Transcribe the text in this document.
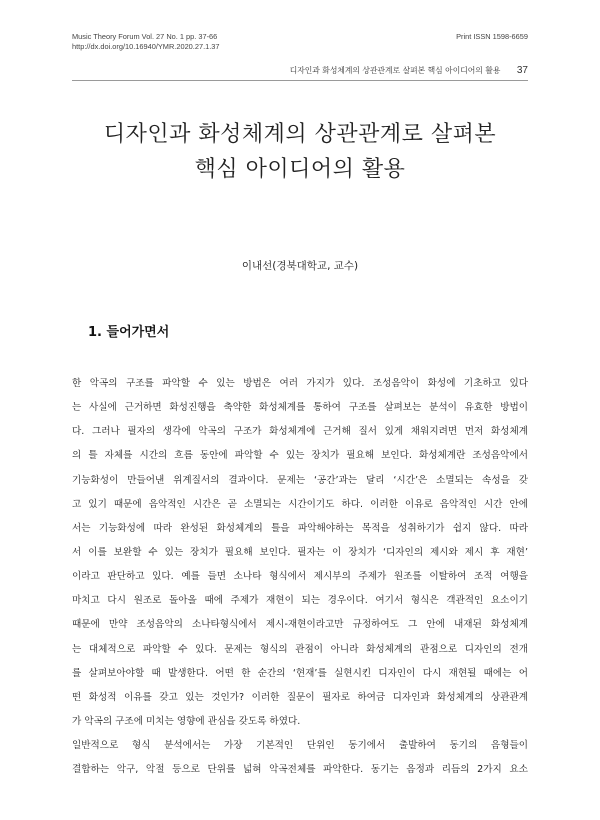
Music Theory Forum Vol. 27 No. 1 pp. 37-66
http://dx.doi.org/10.16940/YMR.2020.27.1.37
Print ISSN 1598-6659
디자인과 화성체계의 상관관계로 살펴본 핵심 아이디어의 활용 37
디자인과 화성체계의 상관관계로 살펴본
핵심 아이디어의 활용
이내선(경북대학교, 교수)
1. 들어가면서
한 악곡의 구조를 파악할 수 있는 방법은 여러 가지가 있다. 조성음악이 화성에 기초하고 있다
는 사실에 근거하면 화성진행을 축약한 화성체계를 통하여 구조를 살펴보는 분석이 유효한 방법이
다. 그러나 필자의 생각에 악곡의 구조가 화성체계에 근거해 질서 있게 채워지려면 먼저 화성체계
의 틀 자체를 시간의 흐름 동안에 파악할 수 있는 장치가 필요해 보인다. 화성체계란 조성음악에서
기능화성이 만들어낸 위계질서의 결과이다. 문제는 ‘공간’과는 달리 ‘시간’은 소멸되는 속성을 갖
고 있기 때문에 음악적인 시간은 곧 소멸되는 시간이기도 하다. 이러한 이유로 음악적인 시간 안에
서는 기능화성에 따라 완성된 화성체계의 틀을 파악해야하는 목적을 성취하기가 쉽지 않다. 따라
서 이를 보완할 수 있는 장치가 필요해 보인다. 필자는 이 장치가 ‘디자인의 제시와 제시 후 재현’
이라고 판단하고 있다. 예를 들면 소나타 형식에서 제시부의 주제가 원조를 이탈하여 조적 여행을
마치고 다시 원조로 돌아올 때에 주제가 재현이 되는 경우이다. 여기서 형식은 객관적인 요소이기
때문에 만약 조성음악의 소나타형식에서 제시-재현이라고만 규정하여도 그 안에 내재된 화성체계
는 대체적으로 파악할 수 있다. 문제는 형식의 관점이 아니라 화성체계의 관점으로 디자인의 전개
를 살펴보아야할 때 발생한다. 어떤 한 순간의 ‘현재’를 실현시킨 디자인이 다시 재현될 때에는 어
떤 화성적 이유를 갖고 있는 것인가? 이러한 질문이 필자로 하여금 디자인과 화성체계의 상관관계
가 악곡의 구조에 미치는 영향에 관심을 갖도록 하였다.
일반적으로 형식 분석에서는 가장 기본적인 단위인 동기에서 출발하여 동기의 음형들이
결합하는 악구, 악절 등으로 단위를 넓혀 악곡전체를 파악한다. 동기는 음정과 리듬의 2가지 요소
